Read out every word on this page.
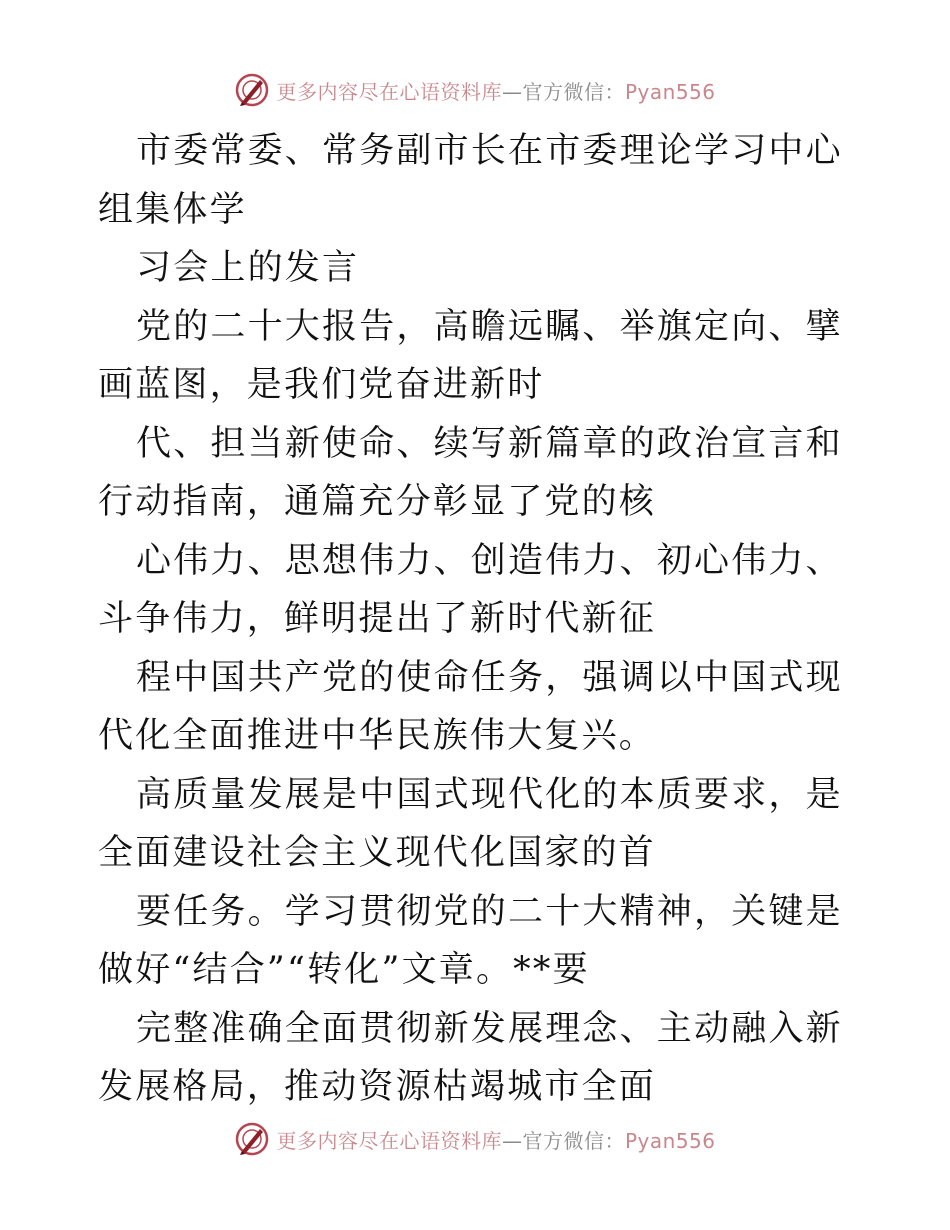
更多内容尽在心语资料库—官方微信：Pyan556

市委常委、常务副市长在市委理论学习中心组集体学

习会上的发言

党的二十大报告，高瞻远瞩、举旗定向、擘画蓝图，是我们党奋进新时

代、担当新使命、续写新篇章的政治宣言和行动指南，通篇充分彰显了党的核

心伟力、思想伟力、创造伟力、初心伟力、斗争伟力，鲜明提出了新时代新征

程中国共产党的使命任务，强调以中国式现代化全面推进中华民族伟大复兴。

高质量发展是中国式现代化的本质要求，是全面建设社会主义现代化国家的首

要任务。学习贯彻党的二十大精神，关键是做好“结合”“转化”文章。**要

完整准确全面贯彻新发展理念、主动融入新发展格局，推动资源枯竭城市全面

更多内容尽在心语资料库—官方微信：Pyan556
